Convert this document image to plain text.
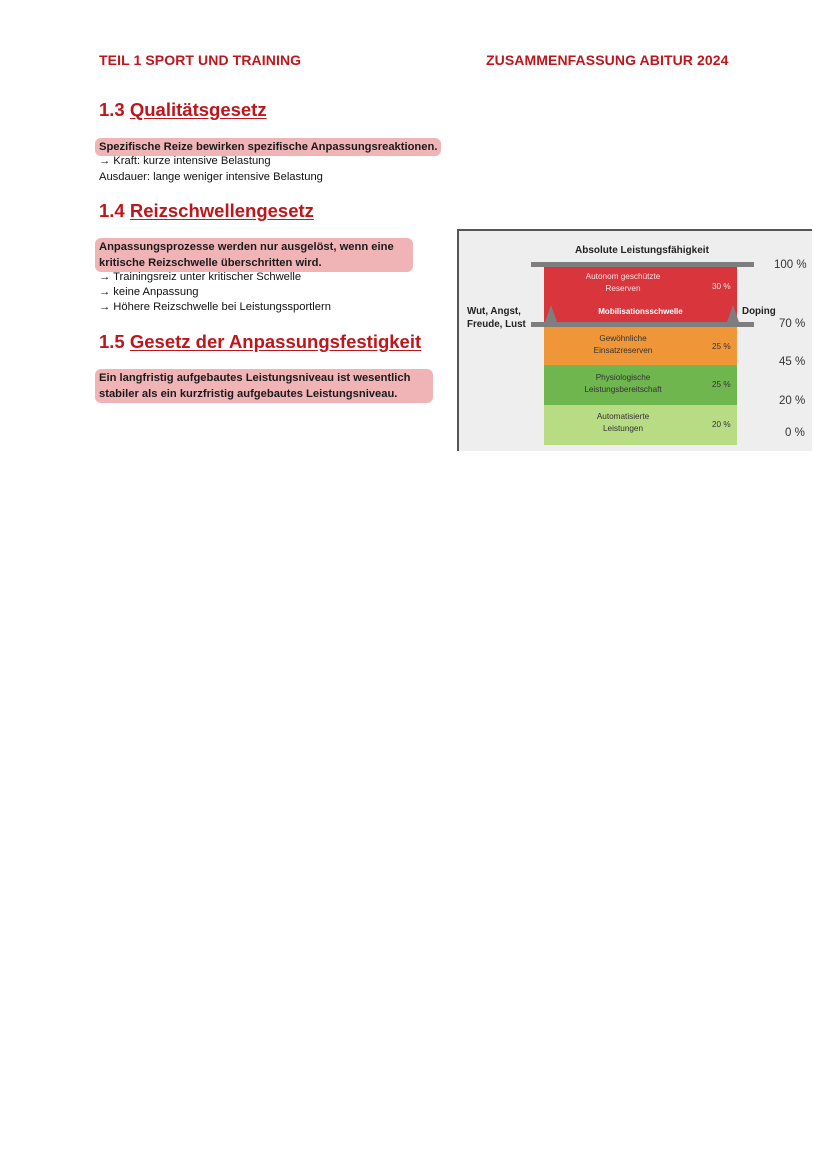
TEIL 1 SPORT UND TRAINING	ZUSAMMENFASSUNG ABITUR 2024
1.3 Qualitätsgesetz
Spezifische Reize bewirken spezifische Anpassungsreaktionen.
→ Kraft: kurze intensive Belastung
Ausdauer: lange weniger intensive Belastung
1.4 Reizschwellengesetz
Anpassungsprozesse werden nur ausgelöst, wenn eine
kritische Reizschwelle überschritten wird.
→ Trainingsreiz unter kritischer Schwelle
→ keine Anpassung
→ Höhere Reizschwelle bei Leistungssportlern
1.5 Gesetz der Anpassungsfestigkeit
Ein langfristig aufgebautes Leistungsniveau ist wesentlich
stabiler als ein kurzfristig aufgebautes Leistungsniveau.
Absolute Leistungsfähigkeit
Autonom geschützte
Reserven	30 %
Mobilisationsschwelle
Gewöhnliche
Einsatzreserven	25 %
Physiologische
Leistungsbereitschaft
25 %
Automatisierte
Leistungen	20 %
Wut, Angst,
Freude, Lust
Doping
100 %
70 %
45 %
20 %
0 %
